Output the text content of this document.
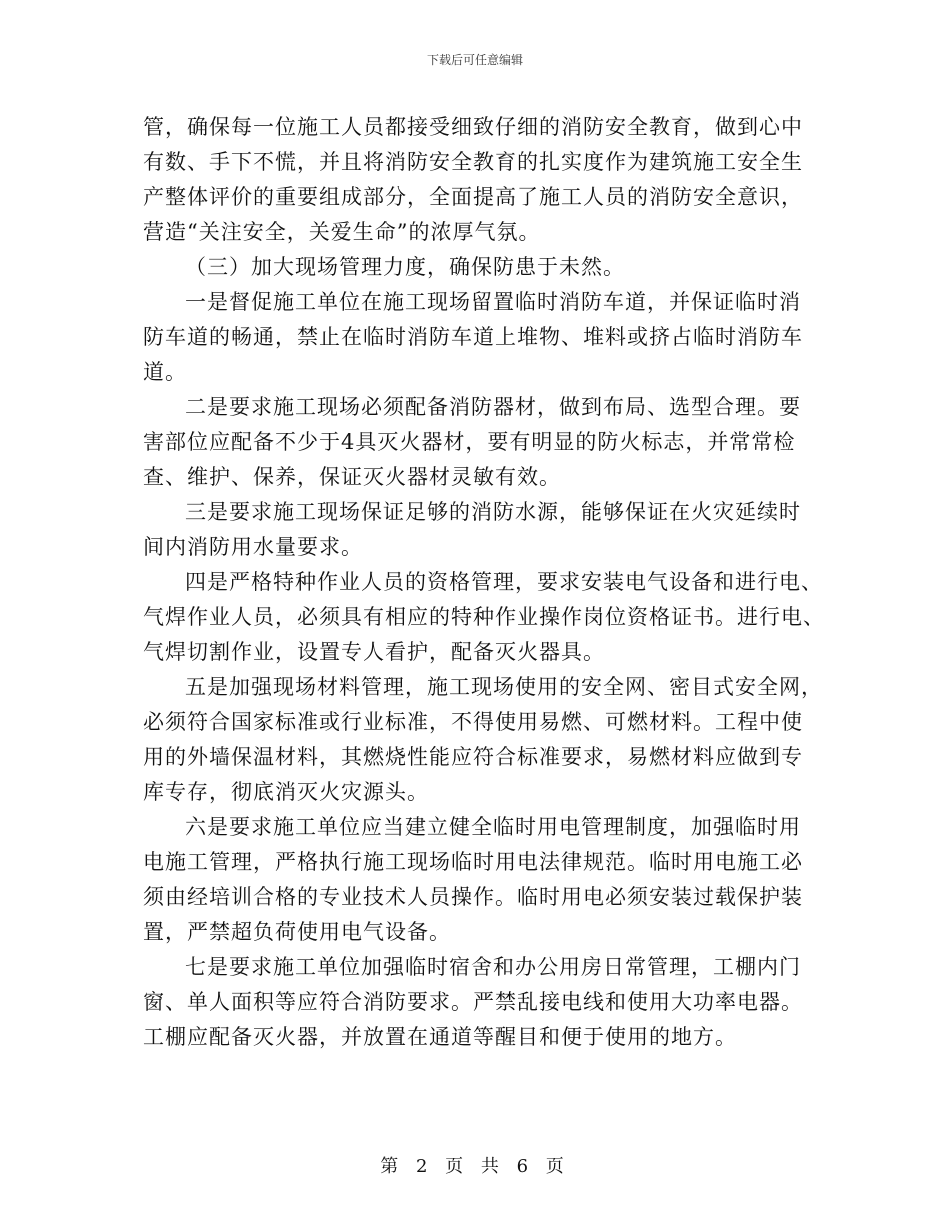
下载后可任意编辑

管，确保每一位施工人员都接受细致仔细的消防安全教育，做到心中
有数、手下不慌，并且将消防安全教育的扎实度作为建筑施工安全生
产整体评价的重要组成部分，全面提高了施工人员的消防安全意识，
营造“关注安全，关爱生命”的浓厚气氛。

（三）加大现场管理力度，确保防患于未然。

一是督促施工单位在施工现场留置临时消防车道，并保证临时消
防车道的畅通，禁止在临时消防车道上堆物、堆料或挤占临时消防车
道。

二是要求施工现场必须配备消防器材，做到布局、选型合理。要
害部位应配备不少于4具灭火器材，要有明显的防火标志，并常常检
查、维护、保养，保证灭火器材灵敏有效。

三是要求施工现场保证足够的消防水源，能够保证在火灾延续时
间内消防用水量要求。

四是严格特种作业人员的资格管理，要求安装电气设备和进行电、
气焊作业人员，必须具有相应的特种作业操作岗位资格证书。进行电、
气焊切割作业，设置专人看护，配备灭火器具。

五是加强现场材料管理，施工现场使用的安全网、密目式安全网，
必须符合国家标准或行业标准，不得使用易燃、可燃材料。工程中使
用的外墙保温材料，其燃烧性能应符合标准要求，易燃材料应做到专
库专存，彻底消灭火灾源头。

六是要求施工单位应当建立健全临时用电管理制度，加强临时用
电施工管理，严格执行施工现场临时用电法律规范。临时用电施工必
须由经培训合格的专业技术人员操作。临时用电必须安装过载保护装
置，严禁超负荷使用电气设备。

七是要求施工单位加强临时宿舍和办公用房日常管理，工棚内门
窗、单人面积等应符合消防要求。严禁乱接电线和使用大功率电器。
工棚应配备灭火器，并放置在通道等醒目和便于使用的地方。

第 2 页 共 6 页
